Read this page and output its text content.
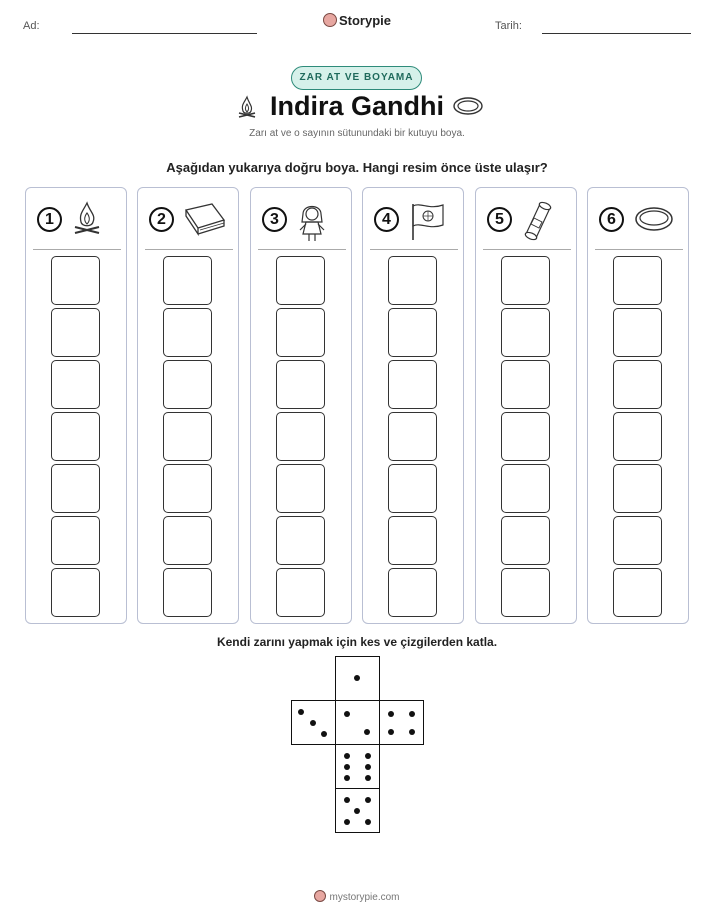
Ad:	Storypie	Tarih:
ZAR AT VE BOYAMA
Indira Gandhi
Zarı at ve o sayının sütunundaki bir kutuyu boya.
Aşağıdan yukarıya doğru boya. Hangi resim önce üste ulaşır?
1	2	3	4	5	6
Kendi zarını yapmak için kes ve çizgilerden katla.
mystorypie.com
